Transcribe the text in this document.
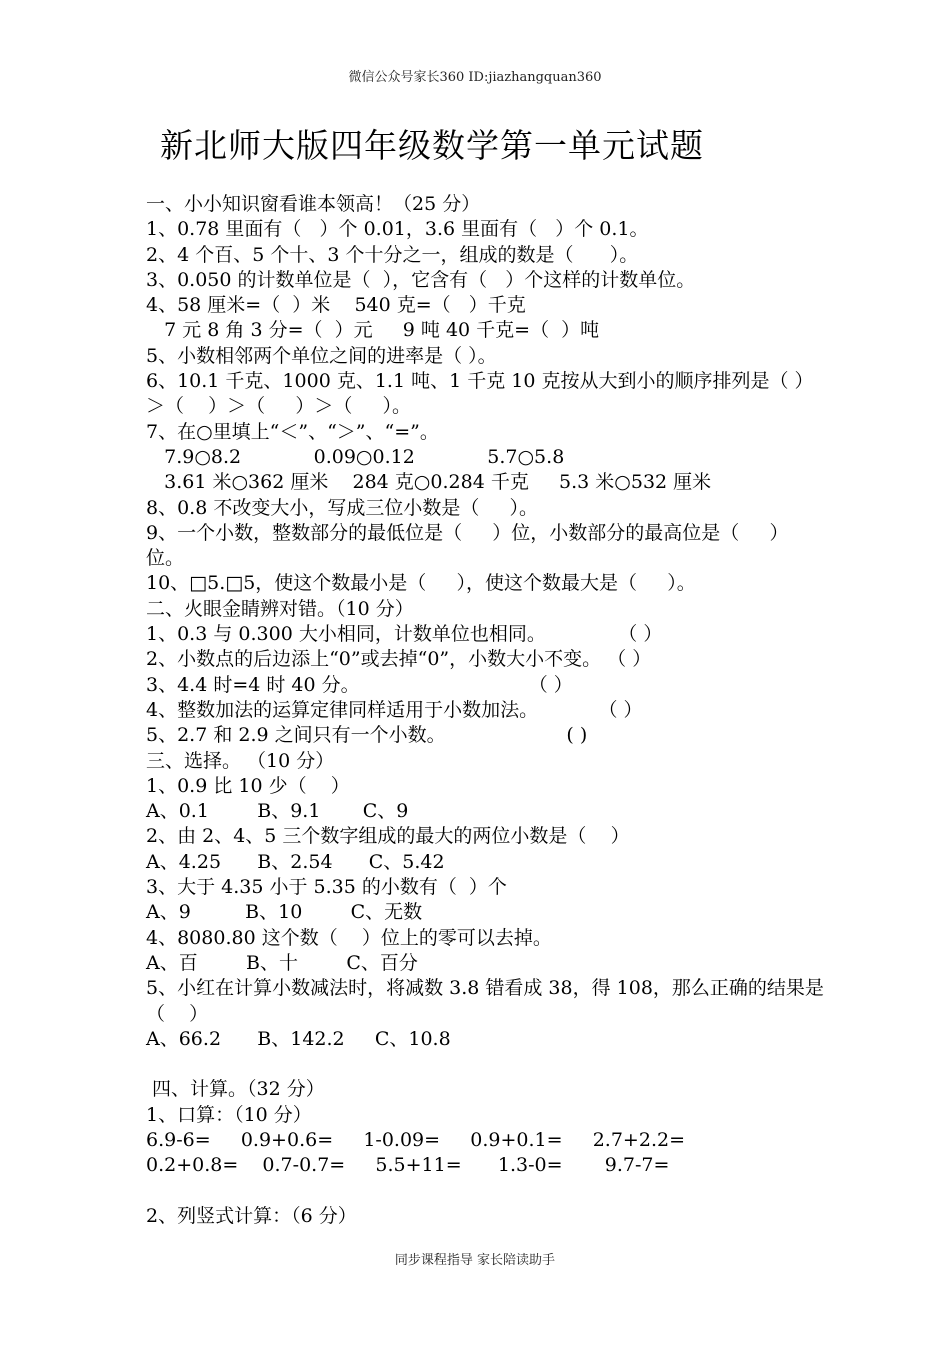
微信公众号家长360 ID:jiazhangquan360
新北师大版四年级数学第一单元试题
一、小小知识窗看谁本领高！（25 分）
1、0.78 里面有（   ）个 0.01，3.6 里面有（   ）个 0.1。
2、4 个百、5 个十、3 个十分之一，组成的数是（      ）。
3、0.050 的计数单位是（  ），它含有（   ）个这样的计数单位。
4、58 厘米=（  ）米    540 克=（   ）千克
7 元 8 角 3 分=（  ）元     9 吨 40 千克=（  ）吨
5、小数相邻两个单位之间的进率是（ ）。
6、10.1 千克、1000 克、1.1 吨、1 千克 10 克按从大到小的顺序排列是（ ）＞（    ）＞（     ）＞（     ）。
7、在○里填上“＜”、“＞”、“=”。
7.9○8.2            0.09○0.12            5.7○5.8
3.61 米○362 厘米    284 克○0.284 千克     5.3 米○532 厘米
8、0.8 不改变大小，写成三位小数是（     ）。
9、一个小数，整数部分的最低位是（     ）位，小数部分的最高位是（     ）位。
10、□5.□5，使这个数最小是（     ），使这个数最大是（     ）。
二、火眼金睛辨对错。（10 分）
1、0.3 与 0.300 大小相同，计数单位也相同。            （ ）
2、小数点的后边添上“0”或去掉“0”，小数大小不变。 （ ）
3、4.4 时=4 时 40 分。                            （ ）
4、整数加法的运算定律同样适用于小数加法。          （ ）
5、2.7 和 2.9 之间只有一个小数。                    ( )
三、选择。 （10 分）
1、0.9 比 10 少（    ）
A、0.1        B、9.1       C、9
2、由 2、4、5 三个数字组成的最大的两位小数是（    ）
A、4.25      B、2.54      C、5.42
3、大于 4.35 小于 5.35 的小数有（  ）个
A、9         B、10        C、无数
4、8080.80 这个数（    ）位上的零可以去掉。
A、百        B、十        C、百分
5、小红在计算小数减法时，将减数 3.8 错看成 38，得 108，那么正确的结果是（    ）
A、66.2      B、142.2     C、10.8
四、计算。（32 分）
1、口算：（10 分）
6.9-6=     0.9+0.6=     1-0.09=     0.9+0.1=     2.7+2.2=
0.2+0.8=    0.7-0.7=     5.5+11=      1.3-0=       9.7-7=
2、列竖式计算：（6 分）
同步课程指导 家长陪读助手
